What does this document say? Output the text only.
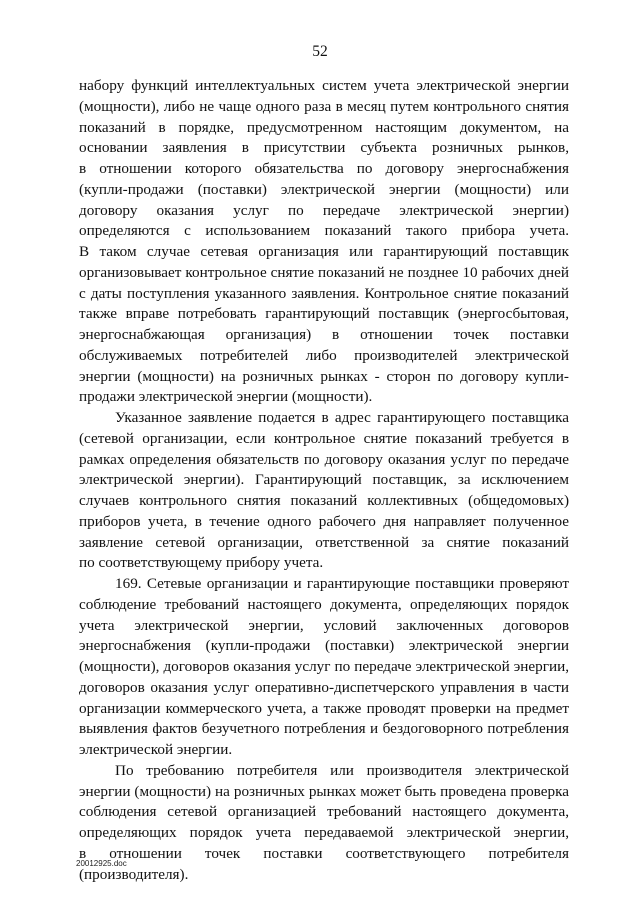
52
набору функций интеллектуальных систем учета электрической энергии
(мощности), либо не чаще одного раза в месяц путем контрольного снятия
показаний в порядке, предусмотренном настоящим документом, на
основании заявления в присутствии субъекта розничных рынков,
в отношении которого обязательства по договору энергоснабжения
(купли-продажи (поставки) электрической энергии (мощности) или
договору оказания услуг по передаче электрической энергии)
определяются с использованием показаний такого прибора учета.
В таком случае сетевая организация или гарантирующий поставщик
организовывает контрольное снятие показаний не позднее 10 рабочих дней
с даты поступления указанного заявления. Контрольное снятие показаний
также вправе потребовать гарантирующий поставщик (энергосбытовая,
энергоснабжающая организация) в отношении точек поставки
обслуживаемых потребителей либо производителей электрической
энергии (мощности) на розничных рынках - сторон по договору купли-
продажи электрической энергии (мощности).
Указанное заявление подается в адрес гарантирующего поставщика
(сетевой организации, если контрольное снятие показаний требуется в
рамках определения обязательств по договору оказания услуг по передаче
электрической энергии). Гарантирующий поставщик, за исключением
случаев контрольного снятия показаний коллективных (общедомовых)
приборов учета, в течение одного рабочего дня направляет полученное
заявление сетевой организации, ответственной за снятие показаний
по соответствующему прибору учета.
169. Сетевые организации и гарантирующие поставщики проверяют
соблюдение требований настоящего документа, определяющих порядок
учета электрической энергии, условий заключенных договоров
энергоснабжения (купли-продажи (поставки) электрической энергии
(мощности), договоров оказания услуг по передаче электрической энергии,
договоров оказания услуг оперативно-диспетчерского управления в части
организации коммерческого учета, а также проводят проверки на предмет
выявления фактов безучетного потребления и бездоговорного потребления
электрической энергии.
По требованию потребителя или производителя электрической
энергии (мощности) на розничных рынках может быть проведена проверка
соблюдения сетевой организацией требований настоящего документа,
определяющих порядок учета передаваемой электрической энергии,
в отношении точек поставки соответствующего потребителя
(производителя).
20012925.doc
